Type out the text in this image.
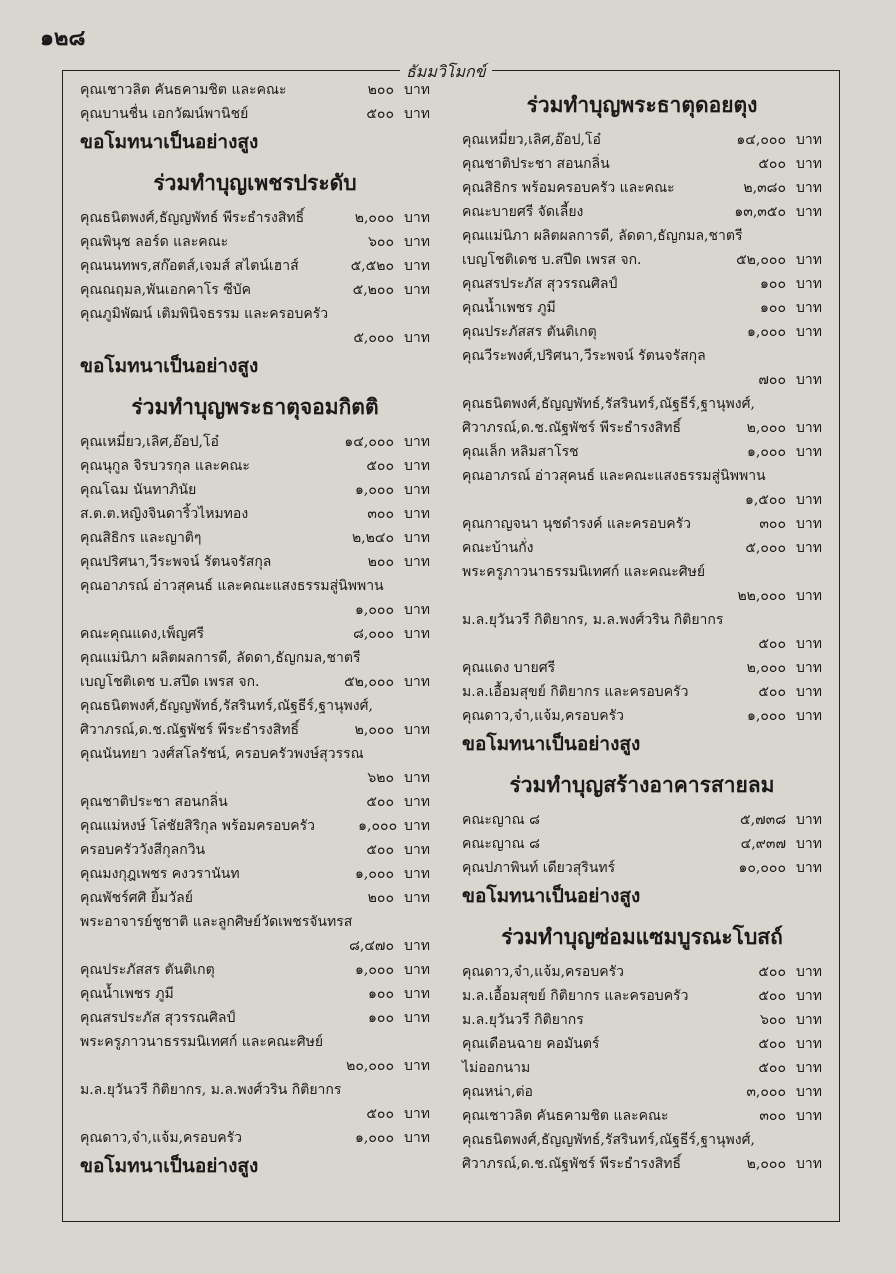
๑๒๘
ธัมมวิโมกข์
คุณเชาวลิต คันธคามชิต และคณะ	๒๐๐ บาท
คุณบานชื่น เอกวัฒน์พานิชย์	๕๐๐ บาท
ขอโมทนาเป็นอย่างสูง
ร่วมทำบุญเพชรประดับ
คุณธนิตพงศ์,ธัญญพัทธ์ พีระธำรงสิทธิ์	๒,๐๐๐ บาท
คุณพินุช ลอร์ด และคณะ	๖๐๐ บาท
คุณนนทพร,สก๊อตส์,เจมส์ สไตน์เฮาส์	๕,๕๒๐ บาท
คุณณฤมล,พันเอกคาโร ซีบัค	๕,๒๐๐ บาท
คุณภูมิพัฒน์ เติมพินิจธรรม และครอบครัว
๕,๐๐๐ บาท
ขอโมทนาเป็นอย่างสูง
ร่วมทำบุญพระธาตุจอมกิตติ
คุณเหมี่ยว,เลิศ,อ๊อป,โอ๋	๑๔,๐๐๐ บาท
คุณนุกูล จิรบวรกุล และคณะ	๕๐๐ บาท
คุณโฉม นันทาภินัย	๑,๐๐๐ บาท
ส.ต.ต.หญิงจินดาริ้วไหมทอง	๓๐๐ บาท
คุณสิธิกร และญาติๆ	๒,๒๔๐ บาท
คุณปริศนา,วีระพจน์ รัตนจรัสกุล	๒๐๐ บาท
คุณอาภรณ์ อ่าวสุคนธ์ และคณะแสงธรรมสู่นิพพาน
๑,๐๐๐ บาท
คณะคุณแดง,เพ็ญศรี	๘,๐๐๐ บาท
คุณแม่นิภา ผลิตผลการดี, ลัดดา,ธัญกมล,ชาตรี
เบญโชติเดช บ.สปีด เพรส จก.	๕๒,๐๐๐ บาท
คุณธนิตพงศ์,ธัญญพัทธ์,รัสรินทร์,ณัฐธีร์,ฐานุพงศ์,
ศิวาภรณ์,ด.ช.ณัฐพัชร์ พีระธำรงสิทธิ์	๒,๐๐๐ บาท
คุณนันทยา วงศ์สโลรัชน์, ครอบครัวพงษ์สุวรรณ
๖๒๐ บาท
คุณชาติประชา สอนกลิ่น	๕๐๐ บาท
คุณแม่หงษ์ โล่ชัยสิริกุล พร้อมครอบครัว	๑,๐๐๐ บาท
ครอบครัววังสีกุลกวิน	๕๐๐ บาท
คุณมงกุฎเพชร คงวรานันท	๑,๐๐๐ บาท
คุณพัชร์ศศิ ยิ้มวัลย์	๒๐๐ บาท
พระอาจารย์ชูชาติ และลูกศิษย์วัดเพชรจันทรส
๘,๔๗๐ บาท
คุณประภัสสร ตันติเกตุ	๑,๐๐๐ บาท
คุณน้ำเพชร ภูมี	๑๐๐ บาท
คุณสรประภัส สุวรรณศิลป์	๑๐๐ บาท
พระครูภาวนาธรรมนิเทศก์ และคณะศิษย์
๒๐,๐๐๐ บาท
ม.ล.ยุวันวรี กิติยากร, ม.ล.พงศ์วริน กิติยากร
๕๐๐ บาท
คุณดาว,จ๋า,แจ้ม,ครอบครัว	๑,๐๐๐ บาท
ขอโมทนาเป็นอย่างสูง
ร่วมทำบุญพระธาตุดอยตุง
คุณเหมี่ยว,เลิศ,อ๊อป,โอ๋	๑๔,๐๐๐ บาท
คุณชาติประชา สอนกลิ่น	๕๐๐ บาท
คุณสิธิกร พร้อมครอบครัว และคณะ	๒,๓๘๐ บาท
คณะบายศรี จัดเลี้ยง	๑๓,๓๕๐ บาท
คุณแม่นิภา ผลิตผลการดี, ลัดดา,ธัญกมล,ชาตรี
เบญโชติเดช บ.สปีด เพรส จก.	๕๒,๐๐๐ บาท
คุณสรประภัส สุวรรณศิลป์	๑๐๐ บาท
คุณน้ำเพชร ภูมี	๑๐๐ บาท
คุณประภัสสร ตันติเกตุ	๑,๐๐๐ บาท
คุณวีระพงศ์,ปริศนา,วีระพจน์ รัตนจรัสกุล
๗๐๐ บาท
คุณธนิตพงศ์,ธัญญพัทธ์,รัสรินทร์,ณัฐธีร์,ฐานุพงศ์,
ศิวาภรณ์,ด.ช.ณัฐพัชร์ พีระธำรงสิทธิ์	๒,๐๐๐ บาท
คุณเล็ก หลิมสาโรช	๑,๐๐๐ บาท
คุณอาภรณ์ อ่าวสุคนธ์ และคณะแสงธรรมสู่นิพพาน
๑,๕๐๐ บาท
คุณกาญจนา นุชดำรงค์ และครอบครัว	๓๐๐ บาท
คณะบ้านกั่ง	๕,๐๐๐ บาท
พระครูภาวนาธรรมนิเทศก์ และคณะศิษย์
๒๒,๐๐๐ บาท
ม.ล.ยุวันวรี กิติยากร, ม.ล.พงศ์วริน กิติยากร
๕๐๐ บาท
คุณแดง บายศรี	๒,๐๐๐ บาท
ม.ล.เอื้อมสุขย์ กิติยากร และครอบครัว	๕๐๐ บาท
คุณดาว,จ๋า,แจ้ม,ครอบครัว	๑,๐๐๐ บาท
ขอโมทนาเป็นอย่างสูง
ร่วมทำบุญสร้างอาคารสายลม
คณะญาณ ๘	๕,๗๓๘ บาท
คณะญาณ ๘	๔,๙๓๗ บาท
คุณปภาพินท์ เดียวสุรินทร์	๑๐,๐๐๐ บาท
ขอโมทนาเป็นอย่างสูง
ร่วมทำบุญซ่อมแซมบูรณะโบสถ์
คุณดาว,จ๋า,แจ้ม,ครอบครัว	๕๐๐ บาท
ม.ล.เอื้อมสุขย์ กิติยากร และครอบครัว	๕๐๐ บาท
ม.ล.ยุวันวรี กิติยากร	๖๐๐ บาท
คุณเดือนฉาย คอมันตร์	๕๐๐ บาท
ไม่ออกนาม	๕๐๐ บาท
คุณหน่า,ต่อ	๓,๐๐๐ บาท
คุณเชาวลิต คันธคามชิต และคณะ	๓๐๐ บาท
คุณธนิตพงศ์,ธัญญพัทธ์,รัสรินทร์,ณัฐธีร์,ฐานุพงศ์,
ศิวาภรณ์,ด.ช.ณัฐพัชร์ พีระธำรงสิทธิ์	๒,๐๐๐ บาท
